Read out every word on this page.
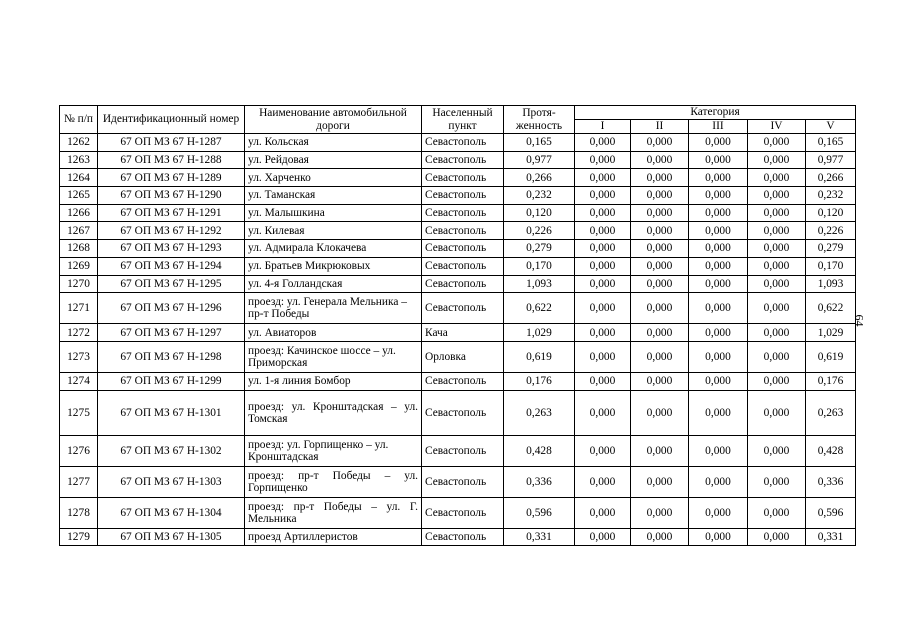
64
№ п/п	Идентификационный номер	Наименование автомобильной дороги	Населенный пункт	Протя-женность	Категория				
					I	II	III	IV	V
1262	67 ОП МЗ 67 Н-1287	ул. Кольская	Севастополь	0,165	0,000	0,000	0,000	0,000	0,165
1263	67 ОП МЗ 67 Н-1288	ул. Рейдовая	Севастополь	0,977	0,000	0,000	0,000	0,000	0,977
1264	67 ОП МЗ 67 Н-1289	ул. Харченко	Севастополь	0,266	0,000	0,000	0,000	0,000	0,266
1265	67 ОП МЗ 67 Н-1290	ул. Таманская	Севастополь	0,232	0,000	0,000	0,000	0,000	0,232
1266	67 ОП МЗ 67 Н-1291	ул. Малышкина	Севастополь	0,120	0,000	0,000	0,000	0,000	0,120
1267	67 ОП МЗ 67 Н-1292	ул. Килевая	Севастополь	0,226	0,000	0,000	0,000	0,000	0,226
1268	67 ОП МЗ 67 Н-1293	ул. Адмирала Клокачева	Севастополь	0,279	0,000	0,000	0,000	0,000	0,279
1269	67 ОП МЗ 67 Н-1294	ул. Братьев Микрюковых	Севастополь	0,170	0,000	0,000	0,000	0,000	0,170
1270	67 ОП МЗ 67 Н-1295	ул. 4-я Голландская	Севастополь	1,093	0,000	0,000	0,000	0,000	1,093
1271	67 ОП МЗ 67 Н-1296	проезд: ул. Генерала Мельника – пр-т Победы	Севастополь	0,622	0,000	0,000	0,000	0,000	0,622
1272	67 ОП МЗ 67 Н-1297	ул. Авиаторов	Кача	1,029	0,000	0,000	0,000	0,000	1,029
1273	67 ОП МЗ 67 Н-1298	проезд: Качинское шоссе – ул. Приморская	Орловка	0,619	0,000	0,000	0,000	0,000	0,619
1274	67 ОП МЗ 67 Н-1299	ул. 1-я линия Бомбор	Севастополь	0,176	0,000	0,000	0,000	0,000	0,176
1275	67 ОП МЗ 67 Н-1301	проезд: ул. Кронштадская – ул. Томская	Севастополь	0,263	0,000	0,000	0,000	0,000	0,263
1276	67 ОП МЗ 67 Н-1302	проезд: ул. Горпищенко – ул. Кронштадская	Севастополь	0,428	0,000	0,000	0,000	0,000	0,428
1277	67 ОП МЗ 67 Н-1303	проезд: пр-т Победы – ул. Горпищенко	Севастополь	0,336	0,000	0,000	0,000	0,000	0,336
1278	67 ОП МЗ 67 Н-1304	проезд: пр-т Победы – ул. Г. Мельника	Севастополь	0,596	0,000	0,000	0,000	0,000	0,596
1279	67 ОП МЗ 67 Н-1305	проезд Артиллеристов	Севастополь	0,331	0,000	0,000	0,000	0,000	0,331
